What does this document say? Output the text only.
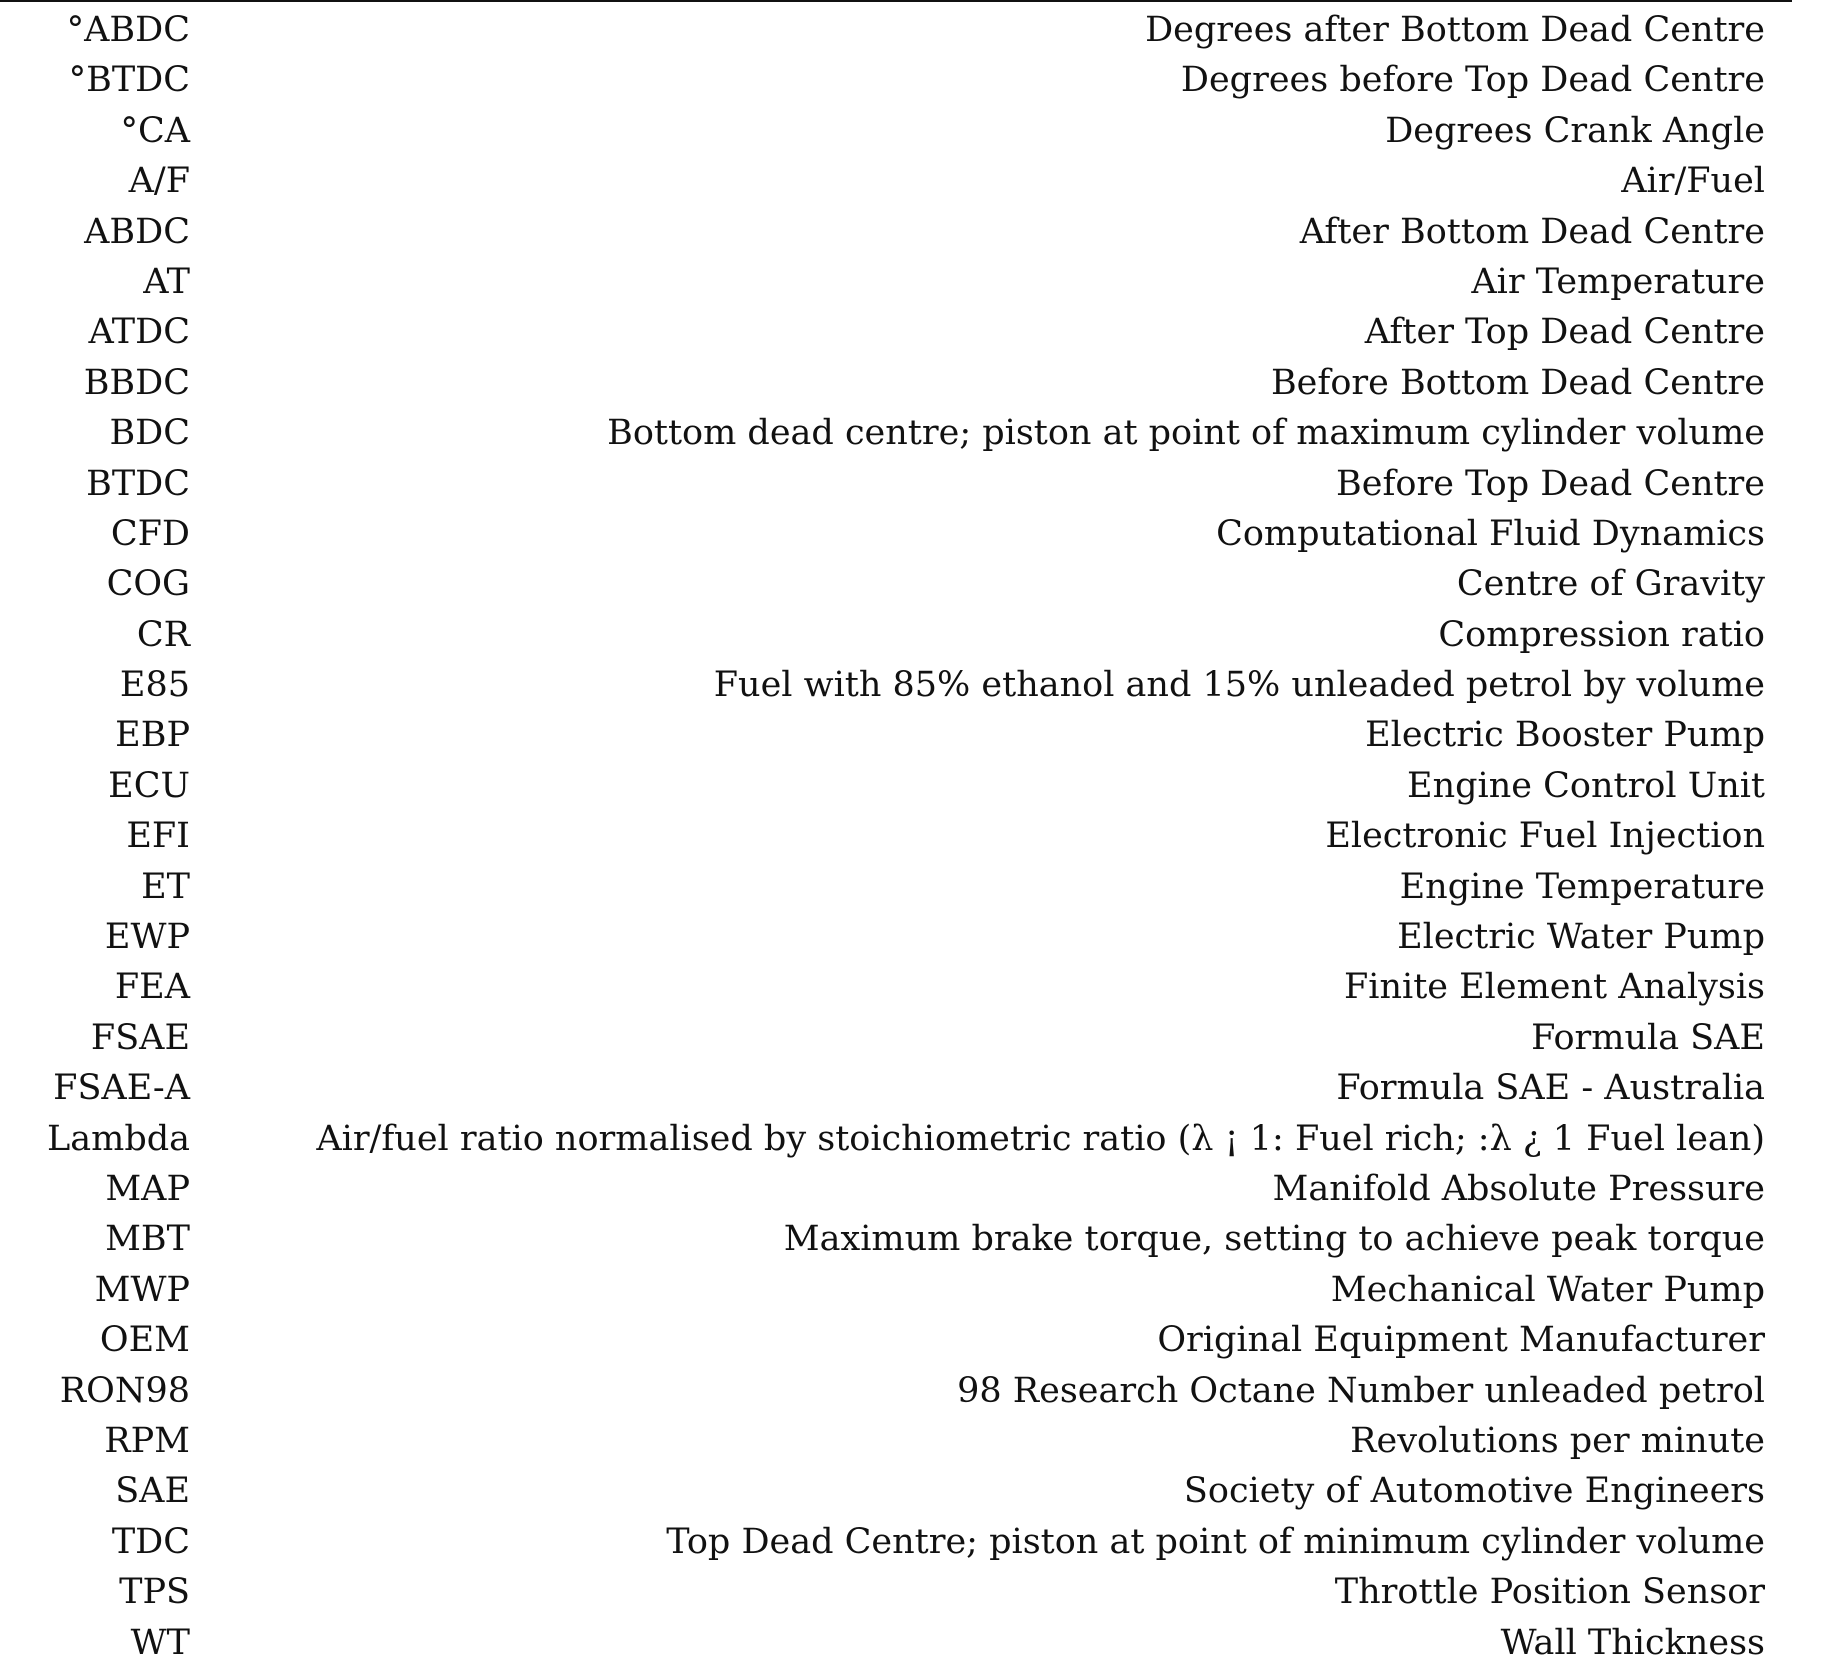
°ABDC	Degrees after Bottom Dead Centre
°BTDC	Degrees before Top Dead Centre
°CA	Degrees Crank Angle
A/F	Air/Fuel
ABDC	After Bottom Dead Centre
AT	Air Temperature
ATDC	After Top Dead Centre
BBDC	Before Bottom Dead Centre
BDC	Bottom dead centre; piston at point of maximum cylinder volume
BTDC	Before Top Dead Centre
CFD	Computational Fluid Dynamics
COG	Centre of Gravity
CR	Compression ratio
E85	Fuel with 85% ethanol and 15% unleaded petrol by volume
EBP	Electric Booster Pump
ECU	Engine Control Unit
EFI	Electronic Fuel Injection
ET	Engine Temperature
EWP	Electric Water Pump
FEA	Finite Element Analysis
FSAE	Formula SAE
FSAE-A	Formula SAE - Australia
Lambda	Air/fuel ratio normalised by stoichiometric ratio (λ ¡ 1: Fuel rich; :λ ¿ 1 Fuel lean)
MAP	Manifold Absolute Pressure
MBT	Maximum brake torque, setting to achieve peak torque
MWP	Mechanical Water Pump
OEM	Original Equipment Manufacturer
RON98	98 Research Octane Number unleaded petrol
RPM	Revolutions per minute
SAE	Society of Automotive Engineers
TDC	Top Dead Centre; piston at point of minimum cylinder volume
TPS	Throttle Position Sensor
WT	Wall Thickness
